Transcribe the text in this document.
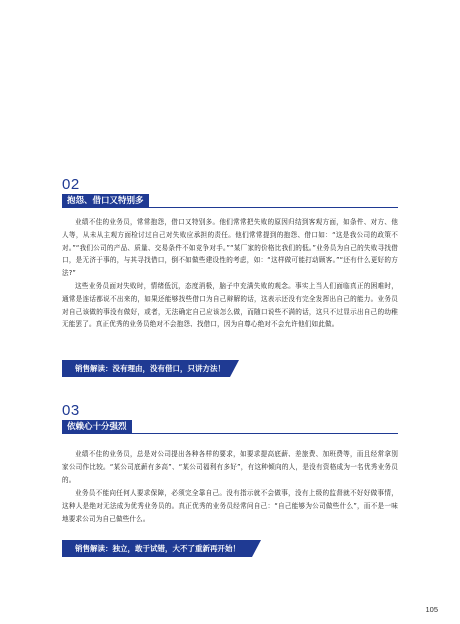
02
抱怨、借口又特别多

业绩不佳的业务员，常常抱怨，借口又特别多。他们常常把失败的原因归结到客观方面，如条件、对方、他人等，从未从主观方面检讨过自己对失败应承担的责任。他们常常提到的抱怨、借口如：“这是我公司的政策不对。”“我们公司的产品、质量、交易条件不如竞争对手。”“某厂家的价格比我们的低。”业务员为自己的失败寻找借口，是无济于事的，与其寻找借口，倒不如做些建设性的考虑，如：“这样做可能打动顾客。”“还有什么更好的方法?”

这些业务员面对失败时，情绪低沉，态度消极，脑子中充满失败的观念。事实上当人们面临真正的困难时，通常是连话都说不出来的，如果还能够找些借口为自己辩解的话，这表示还没有完全发挥出自己的能力。业务员对自己该做的事没有做好，或者，无法确定自己应该怎么做，而随口说些不满的话，这只不过显示出自己的幼稚无能罢了。真正优秀的业务员绝对不会抱怨、找借口，因为自尊心绝对不会允许他们如此做。

销售解读：没有理由，没有借口，只讲方法！
03
依赖心十分强烈

业绩不佳的业务员，总是对公司提出各种各样的要求，如要求提高底薪、差旅费、加班费等，而且经常拿别家公司作比较。“某公司底薪有多高”、“某公司福利有多好”，有这种倾向的人，是没有资格成为一名优秀业务员的。

业务员不能向任何人要求保障，必须完全靠自己。没有指示就不会做事，没有上级的监督就不好好做事情，这种人是绝对无法成为优秀业务员的。真正优秀的业务员经常问自己：“自己能够为公司做些什么”，而不是一味地要求公司为自己做些什么。

销售解读：独立，敢于试错，大不了重新再开始！
105
